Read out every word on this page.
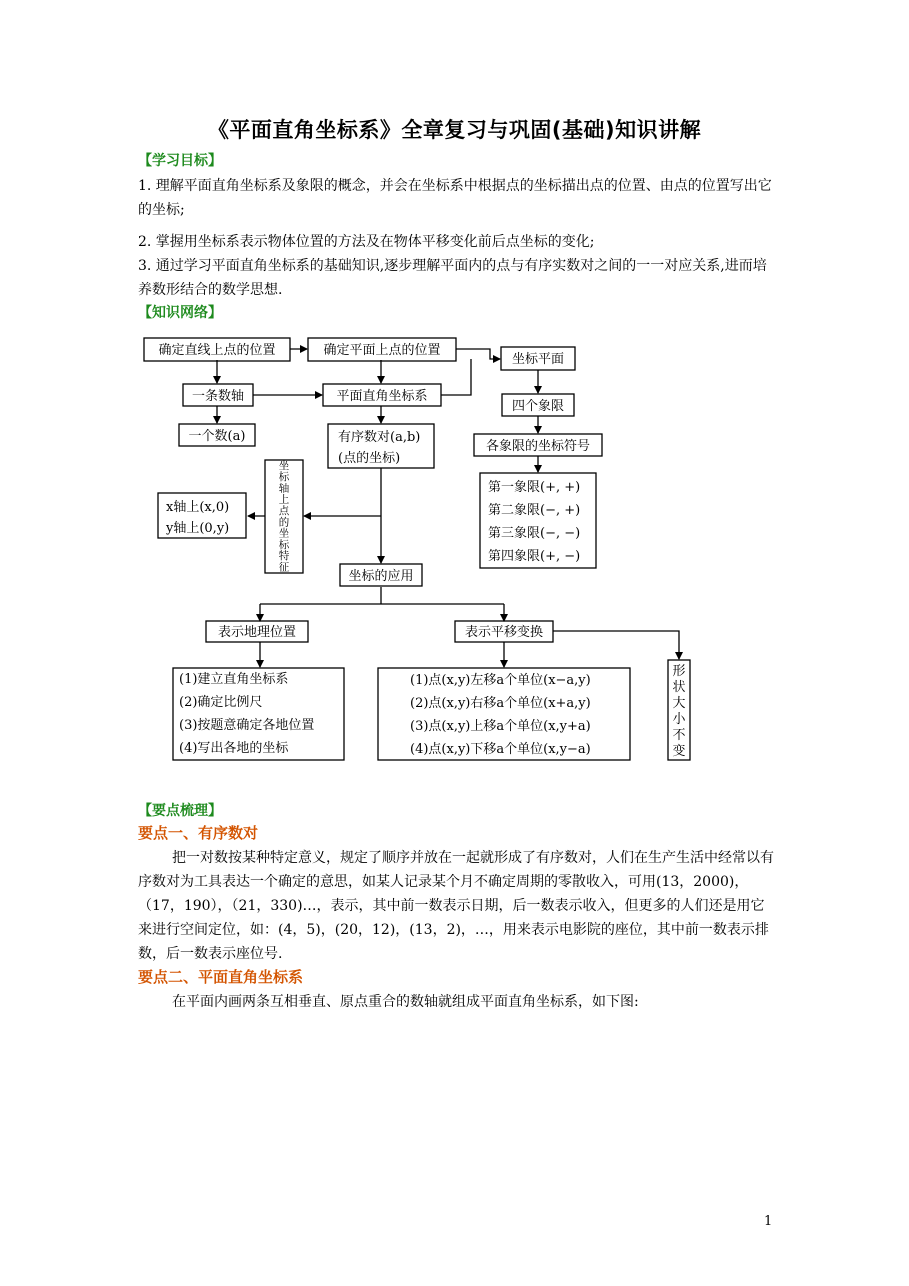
《平面直角坐标系》全章复习与巩固(基础)知识讲解
【学习目标】
1. 理解平面直角坐标系及象限的概念，并会在坐标系中根据点的坐标描出点的位置、由点的位置写出它的坐标;
2. 掌握用坐标系表示物体位置的方法及在物体平移变化前后点坐标的变化;
3. 通过学习平面直角坐标系的基础知识,逐步理解平面内的点与有序实数对之间的一一对应关系,进而培养数形结合的数学思想.
【知识网络】
确定直线上点的位置	确定平面上点的位置
坐标平面
一条数轴	平面直角坐标系
四个象限
一个数(a)	有序数对(a,b)
(点的坐标)
各象限的坐标符号
第一象限(+, +)
第二象限(−, +)
第三象限(−, −)
第四象限(+, −)
坐
标
轴
上
点
的
坐
标
特
征
x轴上(x,0)
y轴上(0,y)
坐标的应用
表示地理位置	表示平移变换
(1)建立直角坐标系
(2)确定比例尺
(3)按题意确定各地位置
(4)写出各地的坐标
(1)点(x,y)左移a个单位(x−a,y)
(2)点(x,y)右移a个单位(x+a,y)
(3)点(x,y)上移a个单位(x,y+a)
(4)点(x,y)下移a个单位(x,y−a)
形
状
大
小
不
变
【要点梳理】
要点一、有序数对
把一对数按某种特定意义，规定了顺序并放在一起就形成了有序数对，人们在生产生活中经常以有序数对为工具表达一个确定的意思，如某人记录某个月不确定周期的零散收入，可用(13，2000)，（17，190），（21，330)…，表示，其中前一数表示日期，后一数表示收入，但更多的人们还是用它来进行空间定位，如：(4，5)，(20，12)，(13，2)，…，用来表示电影院的座位，其中前一数表示排数，后一数表示座位号.
要点二、平面直角坐标系
在平面内画两条互相垂直、原点重合的数轴就组成平面直角坐标系，如下图:
1
